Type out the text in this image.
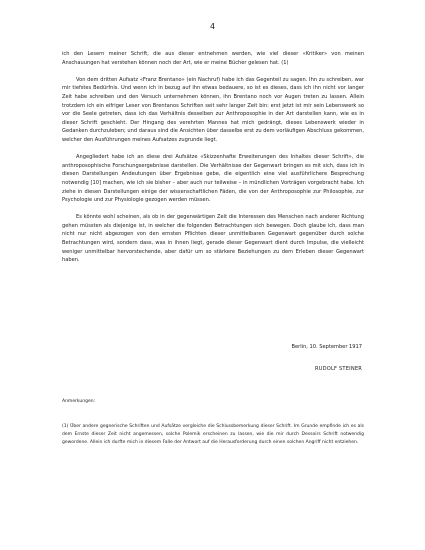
4

ich den Lesern meiner Schrift, die aus dieser entnehmen werden, wie viel dieser «Kritiker» von meinen Anschauungen hat verstehen können noch der Art, wie er meine Bücher gelesen hat. (1)

Von dem dritten Aufsatz «Franz Brentano» (ein Nachruf) habe ich das Gegenteil zu sagen. Ihn zu schreiben, war mir tiefstes Bedürfnis. Und wenn ich in bezug auf ihn etwas bedauere, so ist es dieses, dass ich ihn nicht vor langer Zeit habe schreiben und den Versuch unternehmen können, ihn Brentano noch vor Augen treten zu lassen. Allein trotzdem ich ein eifriger Leser von Brentanos Schriften seit sehr langer Zeit bin: erst jetzt ist mir sein Lebenswerk so vor die Seele getreten, dass ich das Verhältnis desselben zur Anthroposophie in der Art darstellen kann, wie es in dieser Schrift geschieht. Der Hingang des verehrten Mannes hat mich gedrängt, dieses Lebenswerk wieder in Gedanken durchzuleben; und daraus sind die Ansichten über dasselbe erst zu dem vorläufigen Abschluss gekommen, welcher den Ausführungen meines Aufsatzes zugrunde liegt.

Angegliedert habe ich an diese drei Aufsätze «Skizzenhafte Erweiterungen des Inhaltes dieser Schrift», die anthroposophische Forschungsergebnisse darstellen. Die Verhältnisse der Gegenwart bringen es mit sich, dass ich in diesen Darstellungen Andeutungen über Ergebnisse gebe, die eigentlich eine viel ausführlichere Besprechung notwendig [10] machen, wie ich sie bisher – aber auch nur teilweise – in mündlichen Vorträgen vorgebracht habe. Ich ziehe in diesen Darstellungen einige der wissenschaftlichen Fäden, die von der Anthroposophie zur Philosophie, zur Psychologie und zur Physiologie gezogen werden müssen.

Es könnte wohl scheinen, als ob in der gegenwärtigen Zeit die Interessen des Menschen nach anderer Richtung gehen müssten als diejenige ist, in welcher die folgenden Betrachtungen sich bewegen. Doch glaube ich, dass man nicht nur nicht abgezogen von den ernsten Pflichten dieser unmittelbaren Gegenwart gegenüber durch solche Betrachtungen wird, sondern dass, was in ihnen liegt, gerade dieser Gegenwart dient durch Impulse, die vielleicht weniger unmittelbar hervorstechende, aber dafür um so stärkere Beziehungen zu dem Erleben dieser Gegenwart haben.

Berlin, 10. September 1917
RUDOLF STEINER

Anmerkungen:

(1) Über andere gegnerische Schriften und Aufsätze vergleiche die Schlussbemerkung dieser Schrift. Im Grunde empfinde ich es als dem Ernste dieser Zeit nicht angemessen, solche Polemik erscheinen zu lassen, wie die mir durch Dessoirs Schrift notwendig gewordene. Allein ich durfte mich in diesem Falle der Antwort auf die Herausforderung durch einen solchen Angriff nicht entziehen.
